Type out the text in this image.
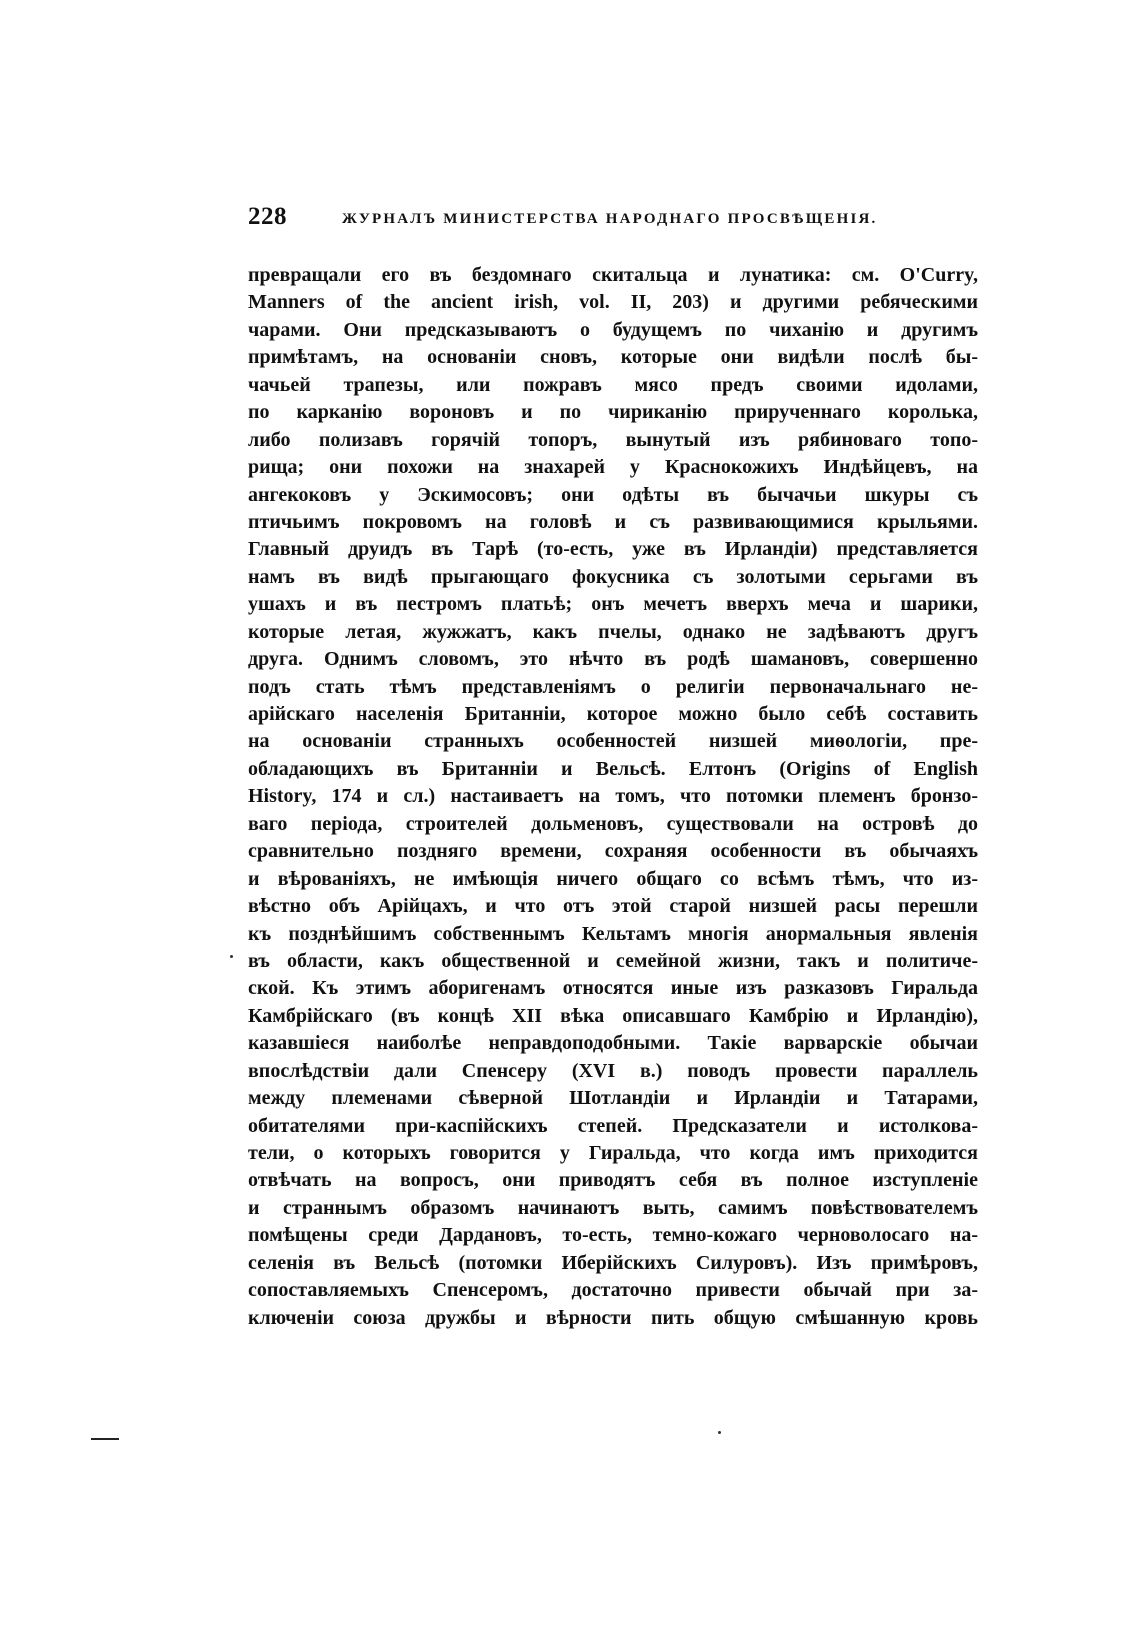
228	ЖУРНАЛЪ МИНИСТЕРСТВА НАРОДНАГО ПРОСВѢЩЕНІЯ.
превращали его въ бездомнаго скитальца и лунатика: см. O'Curry,
Manners of the ancient irish, vol. II, 203) и другими ребяческими
чарами. Они предсказываютъ о будущемъ по чиханію и другимъ
примѣтамъ, на основаніи сновъ, которые они видѣли послѣ бы-
чачьей трапезы, или пожравъ мясо предъ своими идолами,
по карканію вороновъ и по чириканію прирученнаго королька,
либо полизавъ горячій топоръ, вынутый изъ рябиноваго топо-
рища; они похожи на знахарей у Краснокожихъ Индѣйцевъ, на
ангекоковъ у Эскимосовъ; они одѣты въ бычачьи шкуры съ
птичьимъ покровомъ на головѣ и съ развивающимися крыльями.
Главный друидъ въ Тарѣ (то-есть, уже въ Ирландіи) представляется
намъ въ видѣ прыгающаго фокусника съ золотыми серьгами въ
ушахъ и въ пестромъ платьѣ; онъ мечетъ вверхъ меча и шарики,
которые летая, жужжатъ, какъ пчелы, однако не задѣваютъ другъ
друга. Однимъ словомъ, это нѣчто въ родѣ шамановъ, совершенно
подъ стать тѣмъ представленіямъ о религіи первоначальнаго не-
арійскаго населенія Британніи, которое можно было себѣ составить
на основаніи странныхъ особенностей низшей миѳологіи, пре-
обладающихъ въ Британніи и Вельсѣ. Елтонъ (Origins of English
History, 174 и сл.) настаиваетъ на томъ, что потомки племенъ бронзо-
ваго періода, строителей дольменовъ, существовали на островѣ до
сравнительно поздняго времени, сохраняя особенности въ обычаяхъ
и вѣрованіяхъ, не имѣющія ничего общаго со всѣмъ тѣмъ, что из-
вѣстно объ Арійцахъ, и что отъ этой старой низшей расы перешли
къ позднѣйшимъ собственнымъ Кельтамъ многія анормальныя явленія
въ области, какъ общественной и семейной жизни, такъ и политиче-
ской. Къ этимъ аборигенамъ относятся иные изъ разказовъ Гиральда
Камбрійскаго (въ концѣ XII вѣка описавшаго Камбрію и Ирландію),
казавшіеся наиболѣе неправдоподобными. Такіе варварскіе обычаи
впослѣдствіи дали Спенсеру (XVI в.) поводъ провести параллель
между племенами сѣверной Шотландіи и Ирландіи и Татарами,
обитателями при-каспійскихъ степей. Предсказатели и истолкова-
тели, о которыхъ говорится у Гиральда, что когда имъ приходится
отвѣчать на вопросъ, они приводятъ себя въ полное изступленіе
и страннымъ образомъ начинаютъ выть, самимъ повѣствователемъ
помѣщены среди Дардановъ, то-есть, темно-кожаго черноволосаго на-
селенія въ Вельсѣ (потомки Иберійскихъ Силуровъ). Изъ примѣровъ,
сопоставляемыхъ Спенсеромъ, достаточно привести обычай при за-
ключеніи союза дружбы и вѣрности пить общую смѣшанную кровь
